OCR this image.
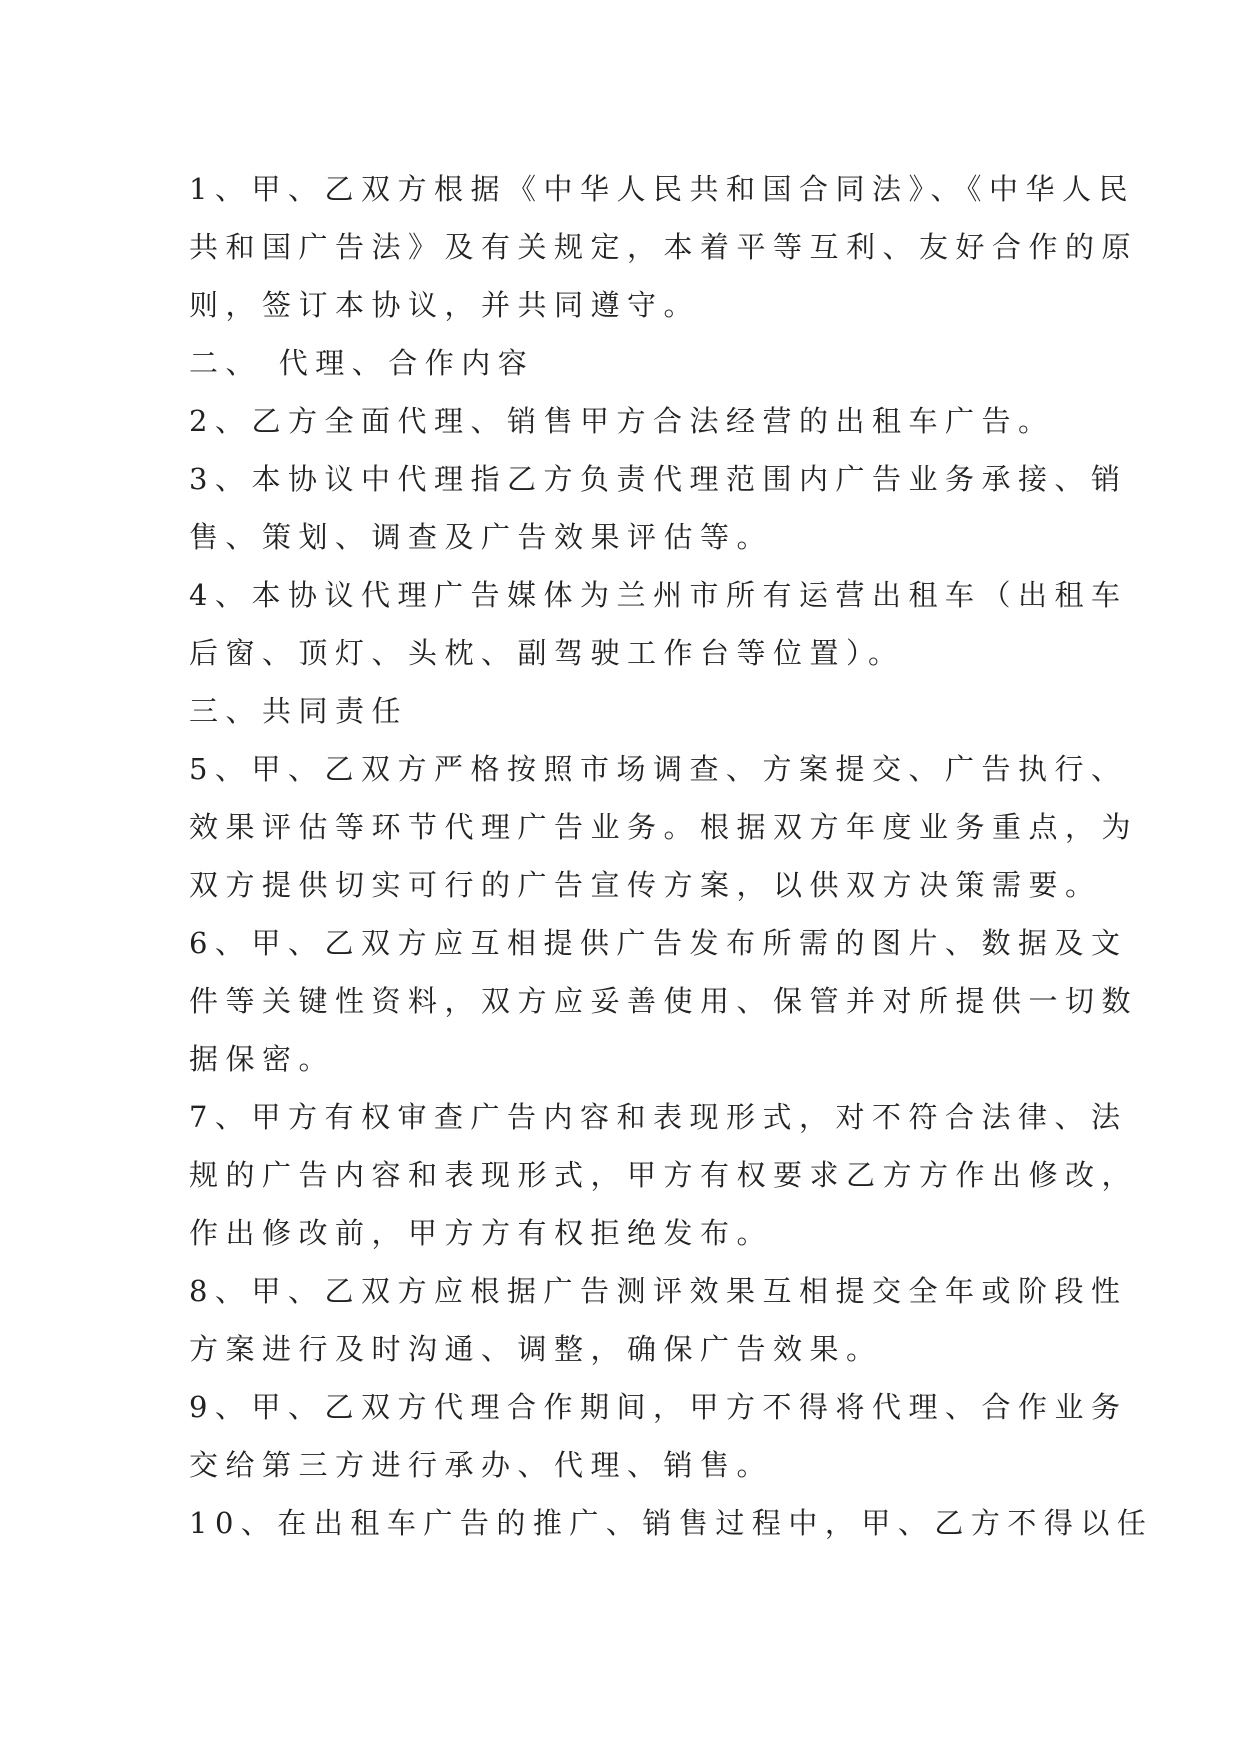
1、甲、乙双方根据《中华人民共和国合同法》、《中华人民
共和国广告法》及有关规定，本着平等互利、友好合作的原
则，签订本协议，并共同遵守。
二、 代理、合作内容
2、乙方全面代理、销售甲方合法经营的出租车广告。
3、本协议中代理指乙方负责代理范围内广告业务承接、销
售、策划、调查及广告效果评估等。
4、本协议代理广告媒体为兰州市所有运营出租车（出租车
后窗、顶灯、头枕、副驾驶工作台等位置）。
三、共同责任
5、甲、乙双方严格按照市场调查、方案提交、广告执行、
效果评估等环节代理广告业务。根据双方年度业务重点，为
双方提供切实可行的广告宣传方案，以供双方决策需要。
6、甲、乙双方应互相提供广告发布所需的图片、数据及文
件等关键性资料，双方应妥善使用、保管并对所提供一切数
据保密。
7、甲方有权审查广告内容和表现形式，对不符合法律、法
规的广告内容和表现形式，甲方有权要求乙方方作出修改，
作出修改前，甲方方有权拒绝发布。
8、甲、乙双方应根据广告测评效果互相提交全年或阶段性
方案进行及时沟通、调整，确保广告效果。
9、甲、乙双方代理合作期间，甲方不得将代理、合作业务
交给第三方进行承办、代理、销售。
10、在出租车广告的推广、销售过程中，甲、乙方不得以任
